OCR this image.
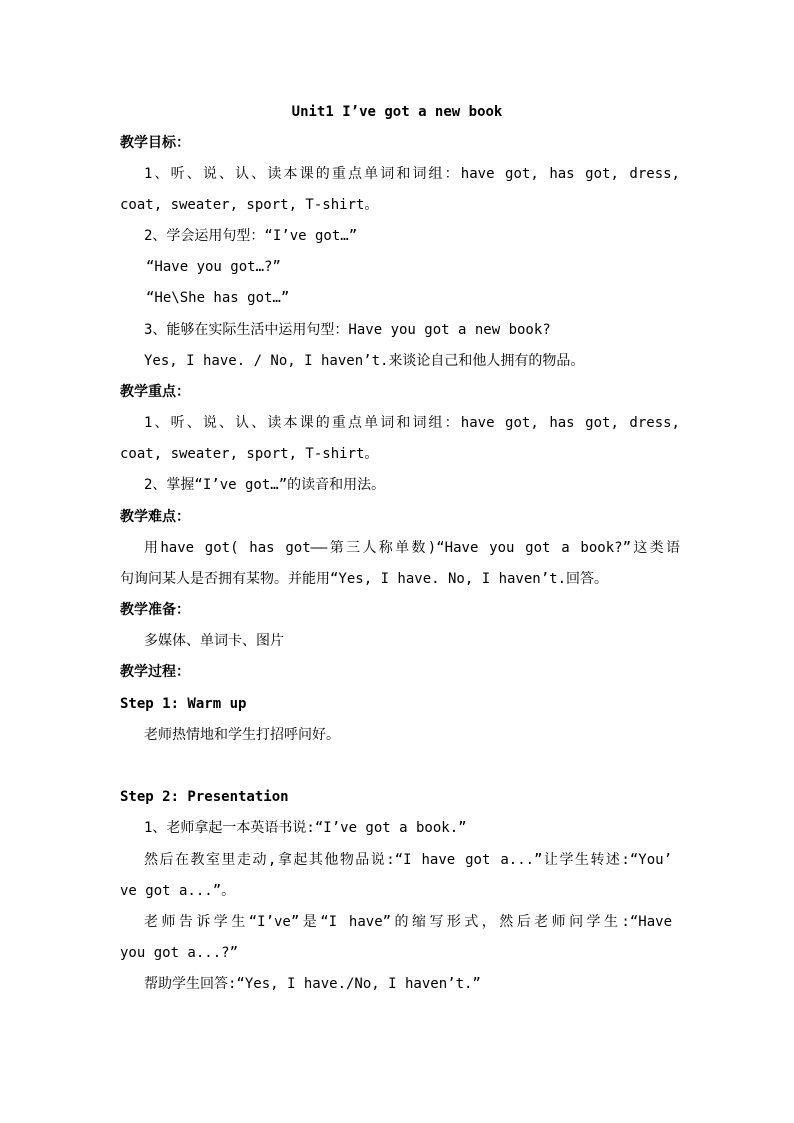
Unit1 I’ve got a new book
教学目标：
1、听、说、认、读本课的重点单词和词组：have got, has got, dress,
coat, sweater, sport, T-shirt。
2、学会运用句型：“I’ve got…”
“Have you got…?”
“He\She has got…”
3、能够在实际生活中运用句型：Have you got a new book?
Yes, I have. / No, I haven’t.来谈论自己和他人拥有的物品。
教学重点：
1、听、说、认、读本课的重点单词和词组：have got, has got, dress,
coat, sweater, sport, T-shirt。
2、掌握“I’ve got…”的读音和用法。
教学难点：
用have got( has got——第三人称单数)“Have you got a book?”这类语
句询问某人是否拥有某物。并能用“Yes, I have. No, I haven’t.回答。
教学准备：
多媒体、单词卡、图片
教学过程：
Step 1: Warm up
老师热情地和学生打招呼问好。
Step 2: Presentation
1、老师拿起一本英语书说:“I’ve got a book.”
然后在教室里走动,拿起其他物品说:“I have got a...”让学生转述:“You’
ve got a...”。
老师告诉学生“I’ve”是“I have”的缩写形式，然后老师问学生:“Have
you got a...?”
帮助学生回答:“Yes, I have./No, I haven’t.”
